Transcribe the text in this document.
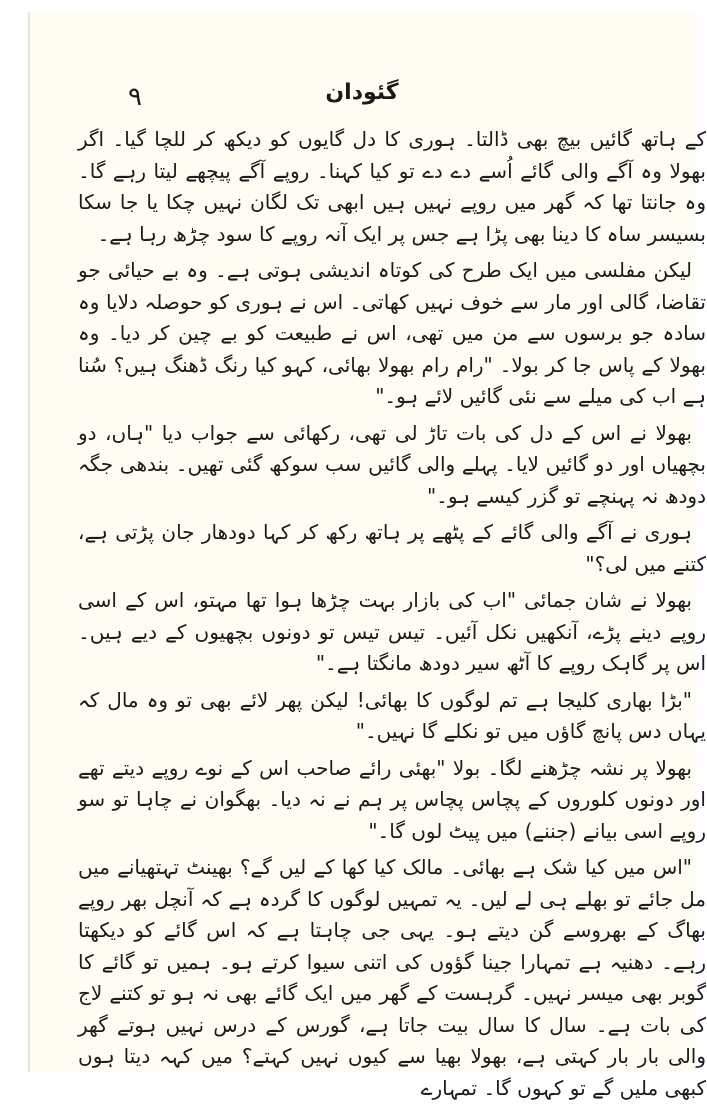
۹	گئودان

کے ہاتھ گائیں بیچ بھی ڈالتا۔ ہوری کا دل گایوں کو دیکھ کر للچا گیا۔ اگر بھولا وہ آگے والی گائے اُسے دے دے تو کیا کہنا۔ روپے آگے پیچھے لیتا رہے گا۔ وہ جانتا تھا کہ گھر میں روپے نہیں ہیں ابھی تک لگان نہیں چکا یا جا سکا بسیسر ساہ کا دینا بھی پڑا ہے جس پر ایک آنہ روپے کا سود چڑھ رہا ہے۔

لیکن مفلسی میں ایک طرح کی کوتاہ اندیشی ہوتی ہے۔ وہ بے حیائی جو تقاضا، گالی اور مار سے خوف نہیں کھاتی۔ اس نے ہوری کو حوصلہ دلایا وہ سادہ جو برسوں سے من میں تھی، اس نے طبیعت کو بے چین کر دیا۔ وہ بھولا کے پاس جا کر بولا۔ "رام رام بھولا بھائی، کہو کیا رنگ ڈھنگ ہیں؟ سُنا ہے اب کی میلے سے نئی گائیں لائے ہو۔"

بھولا نے اس کے دل کی بات تاڑ لی تھی، رکھائی سے جواب دیا "ہاں، دو بچھیاں اور دو گائیں لایا۔ پہلے والی گائیں سب سوکھ گئی تھیں۔ بندھی جگہ دودھ نہ پہنچے تو گزر کیسے ہو۔"

ہوری نے آگے والی گائے کے پٹھے پر ہاتھ رکھ کر کہا دودھار جان پڑتی ہے، کتنے میں لی؟"

بھولا نے شان جمائی "اب کی بازار بہت چڑھا ہوا تھا مہتو، اس کے اسی روپے دینے پڑے، آنکھیں نکل آئیں۔ تیس تیس تو دونوں بچھیوں کے دیے ہیں۔ اس پر گاہک روپے کا آٹھ سیر دودھ مانگتا ہے۔"

"بڑا بھاری کلیجا ہے تم لوگوں کا بھائی! لیکن پھر لائے بھی تو وہ مال کہ یہاں دس پانچ گاؤں میں تو نکلے گا نہیں۔"

بھولا پر نشہ چڑھنے لگا۔ بولا "بھئی رائے صاحب اس کے نوے روپے دیتے تھے اور دونوں کلوروں کے پچاس پچاس پر ہم نے نہ دیا۔ بھگوان نے چاہا تو سو روپے اسی بیانے (جننے) میں پیٹ لوں گا۔"

"اس میں کیا شک ہے بھائی۔ مالک کیا کھا کے لیں گے؟ بھینٹ تہتھیانے میں مل جائے تو بھلے ہی لے لیں۔ یہ تمہیں لوگوں کا گردہ ہے کہ آنچل بھر روپے بھاگ کے بھروسے گن دیتے ہو۔ یہی جی چاہتا ہے کہ اس گائے کو دیکھتا رہے۔ دھنیہ ہے تمہارا جینا گؤوں کی اتنی سیوا کرتے ہو۔ ہمیں تو گائے کا گوبر بھی میسر نہیں۔ گرہست کے گھر میں ایک گائے بھی نہ ہو تو کتنے لاج کی بات ہے۔ سال کا سال بیت جاتا ہے، گورس کے درس نہیں ہوتے گھر والی بار بار کہتی ہے، بھولا بھیا سے کیوں نہیں کہتے؟ میں کہہ دیتا ہوں کبھی ملیں گے تو کہوں گا۔ تمہارے
